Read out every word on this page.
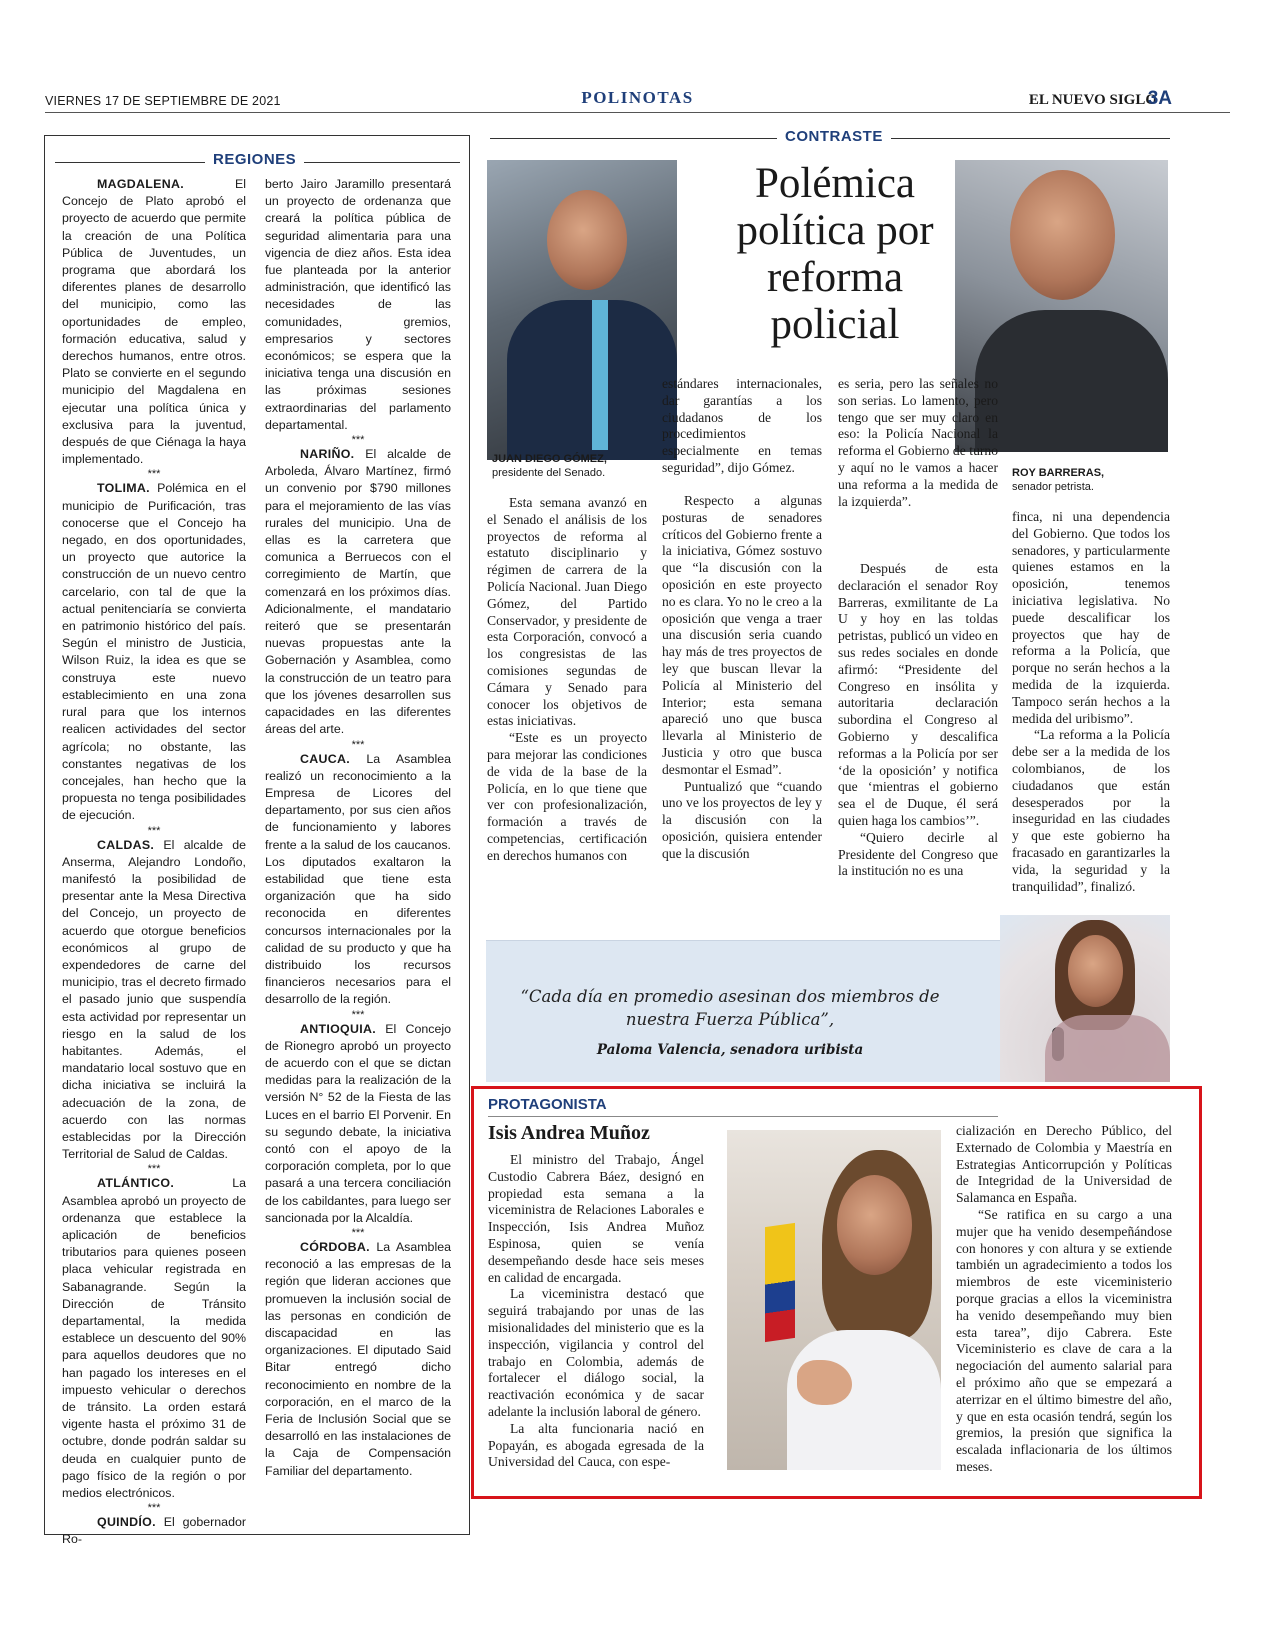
VIERNES 17 DE SEPTIEMBRE DE 2021	POLINOTAS	EL NUEVO SIGLO
3A
REGIONES

MAGDALENA. El Concejo de Plato aprobó el proyecto de acuerdo que permite la creación de una Política Pública de Juventudes, un programa que abordará los diferentes planes de desarrollo del municipio, como las oportunidades de empleo, formación educativa, salud y derechos humanos, entre otros. Plato se convierte en el segundo municipio del Magdalena en ejecutar una política única y exclusiva para la juventud, después de que Ciénaga la haya implementado.

***

TOLIMA. Polémica en el municipio de Purificación, tras conocerse que el Concejo ha negado, en dos oportunidades, un proyecto que autorice la construcción de un nuevo centro carcelario, con tal de que la actual penitenciaría se convierta en patrimonio histórico del país. Según el ministro de Justicia, Wilson Ruiz, la idea es que se construya este nuevo establecimiento en una zona rural para que los internos realicen actividades del sector agrícola; no obstante, las constantes negativas de los concejales, han hecho que la propuesta no tenga posibilidades de ejecución.

***

CALDAS. El alcalde de Anserma, Alejandro Londoño, manifestó la posibilidad de presentar ante la Mesa Directiva del Concejo, un proyecto de acuerdo que otorgue beneficios económicos al grupo de expendedores de carne del municipio, tras el decreto firmado el pasado junio que suspendía esta actividad por representar un riesgo en la salud de los habitantes. Además, el mandatario local sostuvo que en dicha iniciativa se incluirá la adecuación de la zona, de acuerdo con las normas establecidas por la Dirección Territorial de Salud de Caldas.

***

ATLÁNTICO. La Asamblea aprobó un proyecto de ordenanza que establece la aplicación de beneficios tributarios para quienes poseen placa vehicular registrada en Sabanagrande. Según la Dirección de Tránsito departamental, la medida establece un descuento del 90% para aquellos deudores que no han pagado los intereses en el impuesto vehicular o derechos de tránsito. La orden estará vigente hasta el próximo 31 de octubre, donde podrán saldar su deuda en cualquier punto de pago físico de la región o por medios electrónicos.

***

QUINDÍO. El gobernador Ro-

berto Jairo Jaramillo presentará un proyecto de ordenanza que creará la política pública de seguridad alimentaria para una vigencia de diez años. Esta idea fue planteada por la anterior administración, que identificó las necesidades de las comunidades, gremios, empresarios y sectores económicos; se espera que la iniciativa tenga una discusión en las próximas sesiones extraordinarias del parlamento departamental.

***

NARIÑO. El alcalde de Arboleda, Álvaro Martínez, firmó un convenio por $790 millones para el mejoramiento de las vías rurales del municipio. Una de ellas es la carretera que comunica a Berruecos con el corregimiento de Martín, que comenzará en los próximos días. Adicionalmente, el mandatario reiteró que se presentarán nuevas propuestas ante la Gobernación y Asamblea, como la construcción de un teatro para que los jóvenes desarrollen sus capacidades en las diferentes áreas del arte.

***

CAUCA. La Asamblea realizó un reconocimiento a la Empresa de Licores del departamento, por sus cien años de funcionamiento y labores frente a la salud de los caucanos. Los diputados exaltaron la estabilidad que tiene esta organización que ha sido reconocida en diferentes concursos internacionales por la calidad de su producto y que ha distribuido los recursos financieros necesarios para el desarrollo de la región.

***

ANTIOQUIA. El Concejo de Rionegro aprobó un proyecto de acuerdo con el que se dictan medidas para la realización de la versión N° 52 de la Fiesta de las Luces en el barrio El Porvenir. En su segundo debate, la iniciativa contó con el apoyo de la corporación completa, por lo que pasará a una tercera conciliación de los cabildantes, para luego ser sancionada por la Alcaldía.

***

CÓRDOBA. La Asamblea reconoció a las empresas de la región que lideran acciones que promueven la inclusión social de las personas en condición de discapacidad en las organizaciones. El diputado Said Bitar entregó dicho reconocimiento en nombre de la corporación, en el marco de la Feria de Inclusión Social que se desarrolló en las instalaciones de la Caja de Compensación Familiar del departamento.

CONTRASTE
JUAN DIEGO GÓMEZ,
presidente del Senado.
Polémica política por reforma policial
ROY BARRERAS,
senador petrista.

Esta semana avanzó en el Senado el análisis de los proyectos de reforma al estatuto disciplinario y régimen de carrera de la Policía Nacional. Juan Diego Gómez, del Partido Conservador, y presidente de esta Corporación, convocó a los congresistas de las comisiones segundas de Cámara y Senado para conocer los objetivos de estas iniciativas.

“Este es un proyecto para mejorar las condiciones de vida de la base de la Policía, en lo que tiene que ver con profesionalización, formación a través de competencias, certificación en derechos humanos con

estándares internacionales, dar garantías a los ciudadanos de los procedimientos especialmente en temas seguridad”, dijo Gómez.

Respecto a algunas posturas de senadores críticos del Gobierno frente a la iniciativa, Gómez sostuvo que “la discusión con la oposición en este proyecto no es clara. Yo no le creo a la oposición que venga a traer una discusión seria cuando hay más de tres proyectos de ley que buscan llevar la Policía al Ministerio del Interior; esta semana apareció uno que busca llevarla al Ministerio de Justicia y otro que busca desmontar el Esmad”.

Puntualizó que “cuando uno ve los proyectos de ley y la discusión con la oposición, quisiera entender que la discusión

es seria, pero las señales no son serias. Lo lamento, pero tengo que ser muy claro en eso: la Policía Nacional la reforma el Gobierno de turno y aquí no le vamos a hacer una reforma a la medida de la izquierda”.

Después de esta declaración el senador Roy Barreras, exmilitante de La U y hoy en las toldas petristas, publicó un video en sus redes sociales en donde afirmó: “Presidente del Congreso en insólita y autoritaria declaración subordina el Congreso al Gobierno y descalifica reformas a la Policía por ser ‘de la oposición’ y notifica que ‘mientras el gobierno sea el de Duque, él será quien haga los cambios’”.

“Quiero decirle al Presidente del Congreso que la institución no es una

finca, ni una dependencia del Gobierno. Que todos los senadores, y particularmente quienes estamos en la oposición, tenemos iniciativa legislativa. No puede descalificar los proyectos que hay de reforma a la Policía, que porque no serán hechos a la medida de la izquierda. Tampoco serán hechos a la medida del uribismo”.

“La reforma a la Policía debe ser a la medida de los colombianos, de los ciudadanos que están desesperados por la inseguridad en las ciudades y que este gobierno ha fracasado en garantizarles la vida, la seguridad y la tranquilidad”, finalizó.

“Cada día en promedio asesinan dos miembros de nuestra Fuerza Pública”,
Paloma Valencia, senadora uribista
PROTAGONISTA
Isis Andrea Muñoz

El ministro del Trabajo, Ángel Custodio Cabrera Báez, designó en propiedad esta semana a la viceministra de Relaciones Laborales e Inspección, Isis Andrea Muñoz Espinosa, quien se venía desempeñando desde hace seis meses en calidad de encargada.

La viceministra destacó que seguirá trabajando por unas de las misionalidades del ministerio que es la inspección, vigilancia y control del trabajo en Colombia, además de fortalecer el diálogo social, la reactivación económica y de sacar adelante la inclusión laboral de género.

La alta funcionaria nació en Popayán, es abogada egresada de la Universidad del Cauca, con espe-

cialización en Derecho Público, del Externado de Colombia y Maestría en Estrategias Anticorrupción y Políticas de Integridad de la Universidad de Salamanca en España.

“Se ratifica en su cargo a una mujer que ha venido desempeñándose con honores y con altura y se extiende también un agradecimiento a todos los miembros de este viceministerio porque gracias a ellos la viceministra ha venido desempeñando muy bien esta tarea”, dijo Cabrera. Este Viceministerio es clave de cara a la negociación del aumento salarial para el próximo año que se empezará a aterrizar en el último bimestre del año, y que en esta ocasión tendrá, según los gremios, la presión que significa la escalada inflacionaria de los últimos meses.
